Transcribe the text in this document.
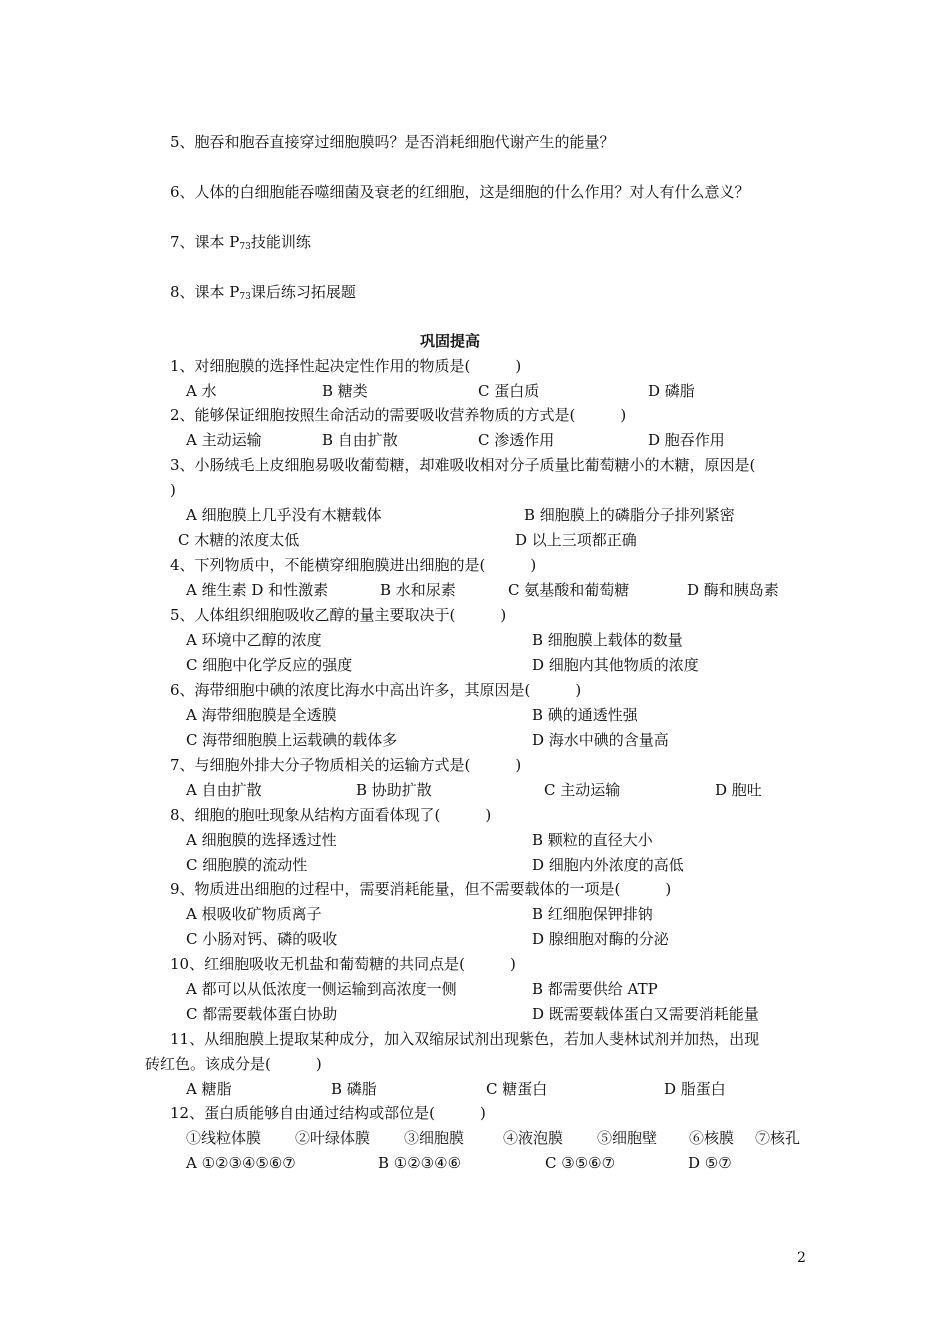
5、胞吞和胞吞直接穿过细胞膜吗？是否消耗细胞代谢产生的能量？
6、人体的白细胞能吞噬细菌及衰老的红细胞，这是细胞的什么作用？对人有什么意义？
7、课本 $P_{73}$技能训练
8、课本 $P_{73}$课后练习拓展题
巩固提高
1、对细胞膜的选择性起决定性作用的物质是(　　　)
A 水	B 糖类	C 蛋白质	D 磷脂
2、能够保证细胞按照生命活动的需要吸收营养物质的方式是(　　　)
A 主动运输	B 自由扩散	C 渗透作用	D 胞吞作用
3、小肠绒毛上皮细胞易吸收葡萄糖，却难吸收相对分子质量比葡萄糖小的木糖，原因是(
)
A 细胞膜上几乎没有木糖载体	B 细胞膜上的磷脂分子排列紧密
C 木糖的浓度太低	D 以上三项都正确
4、下列物质中，不能横穿细胞膜进出细胞的是(　　　)
A 维生素 D 和性激素	B 水和尿素	C 氨基酸和葡萄糖	D 酶和胰岛素
5、人体组织细胞吸收乙醇的量主要取决于(　　　)
A 环境中乙醇的浓度	B 细胞膜上载体的数量
C 细胞中化学反应的强度	D 细胞内其他物质的浓度
6、海带细胞中碘的浓度比海水中高出许多，其原因是(　　　)
A 海带细胞膜是全透膜	B 碘的通透性强
C 海带细胞膜上运载碘的载体多	D 海水中碘的含量高
7、与细胞外排大分子物质相关的运输方式是(　　　)
A 自由扩散	B 协助扩散	C 主动运输	D 胞吐
8、细胞的胞吐现象从结构方面看体现了(　　　)
A 细胞膜的选择透过性	B 颗粒的直径大小
C 细胞膜的流动性	D 细胞内外浓度的高低
9、物质进出细胞的过程中，需要消耗能量，但不需要载体的一项是(　　　)
A 根吸收矿物质离子	B 红细胞保钾排钠
C 小肠对钙、磷的吸收	D 腺细胞对酶的分泌
10、红细胞吸收无机盐和葡萄糖的共同点是(　　　)
A 都可以从低浓度一侧运输到高浓度一侧	B 都需要供给 ATP
C 都需要载体蛋白协助	D 既需要载体蛋白又需要消耗能量
11、从细胞膜上提取某种成分，加入双缩尿试剂出现紫色，若加人斐林试剂并加热，出现
砖红色。该成分是(　　　)
A 糖脂	B 磷脂	C 糖蛋白	D 脂蛋白
12、蛋白质能够自由通过结构或部位是(　　　)
①线粒体膜 ②叶绿体膜 ③细胞膜	④液泡膜 ⑤细胞壁 ⑥核膜 ⑦核孔
A ①②③④⑤⑥⑦	B ①②③④⑥	C ③⑤⑥⑦	D ⑤⑦
2
